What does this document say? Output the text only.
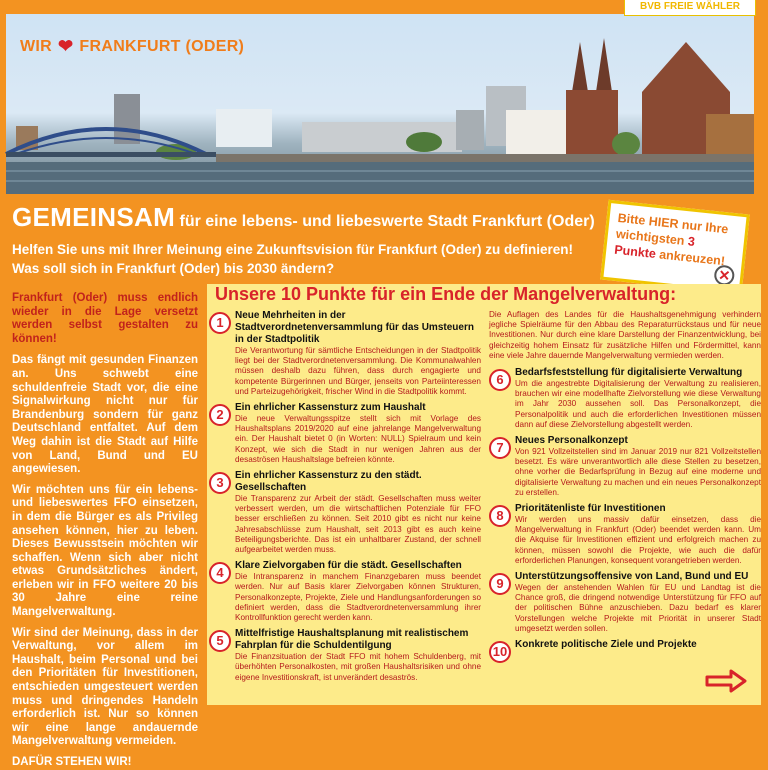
WIR ❤ FRANKFURT (ODER)
BVB FREIE WÄHLER
GEMEINSAM für eine lebens- und liebeswerte Stadt Frankfurt (Oder)
Helfen Sie uns mit Ihrer Meinung eine Zukunftsvision für Frankfurt (Oder) zu definieren!
Was soll sich in Frankfurt (Oder) bis 2030 ändern?
Bitte HIER nur Ihre wichtigsten 3 Punkte ankreuzen!
✕
Frankfurt (Oder) muss endlich wieder in die Lage versetzt werden selbst gestalten zu können!

Das fängt mit gesunden Finanzen an. Uns schwebt eine schuldenfreie Stadt vor, die eine Signalwirkung nicht nur für Brandenburg sondern für ganz Deutschland entfaltet. Auf dem Weg dahin ist die Stadt auf Hilfe von Land, Bund und EU angewiesen.

Wir möchten uns für ein lebens- und liebeswertes FFO einsetzen, in dem die Bürger es als Privileg ansehen können, hier zu leben. Dieses Bewusstsein möchten wir schaffen. Wenn sich aber nicht etwas Grundsätzliches ändert, erleben wir in FFO weitere 20 bis 30 Jahre eine reine Mangelverwaltung.

Wir sind der Meinung, dass in der Verwaltung, vor allem im Haushalt, beim Personal und bei den Prioritäten für Investitionen, entschieden umgesteuert werden muss und dringendes Handeln erforderlich ist. Nur so können wir eine lange andauernde Mangelverwaltung vermeiden.

DAFÜR STEHEN WIR!
Unsere 10 Punkte für ein Ende der Mangelverwaltung:
1	Neue Mehrheiten in der Stadtverordnetenversammlung für das Umsteuern in der Stadtpolitik
Die Verantwortung für sämtliche Entscheidungen in der Stadtpolitik liegt bei der Stadtverordnetenversammlung. Die Kommunalwahlen müssen deshalb dazu führen, dass durch engagierte und kompetente Bürgerinnen und Bürger, jenseits von Parteiinteressen und Parteizugehörigkeit, frischer Wind in die Stadtpolitik kommt.
2	Ein ehrlicher Kassensturz zum Haushalt
Die neue Verwaltungsspitze stellt sich mit Vorlage des Haushaltsplans 2019/2020 auf eine jahrelange Mangelverwaltung ein. Der Haushalt bietet 0 (in Worten: NULL) Spielraum und kein Konzept, wie sich die Stadt in nur wenigen Jahren aus der desaströsen Haushaltslage befreien könnte.
3	Ein ehrlicher Kassensturz zu den städt. Gesellschaften
Die Transparenz zur Arbeit der städt. Gesellschaften muss weiter verbessert werden, um die wirtschaftlichen Potenziale für FFO besser erschließen zu können. Seit 2010 gibt es nicht nur keine Jahresabschlüsse zum Haushalt, seit 2013 gibt es auch keine Beteiligungsberichte. Das ist ein unhaltbarer Zustand, der schnell aufgearbeitet werden muss.
4	Klare Zielvorgaben für die städt. Gesellschaften
Die Intransparenz in manchem Finanzgebaren muss beendet werden. Nur auf Basis klarer Zielvorgaben können Strukturen, Personalkonzepte, Projekte, Ziele und Handlungsanforderungen so definiert werden, dass die Stadtverordnetenversammlung ihrer Kontrollfunktion gerecht werden kann.
5	Mittelfristige Haushaltsplanung mit realistischem Fahrplan für die Schuldentilgung
Die Finanzsituation der Stadt FFO mit hohem Schuldenberg, mit überhöhten Personalkosten, mit großen Haushaltsrisiken und ohne eigene Investitionskraft, ist unverändert desaströs.
Die Auflagen des Landes für die Haushaltsgenehmigung verhindern jegliche Spielräume für den Abbau des Reparaturrückstaus und für neue Investitionen. Nur durch eine klare Darstellung der Finanzentwicklung, bei gleichzeitig hohem Einsatz für zusätzliche Hilfen und Fördermittel, kann eine viele Jahre dauernde Mangelverwaltung vermieden werden.
6	Bedarfsfeststellung für digitalisierte Verwaltung
Um die angestrebte Digitalisierung der Verwaltung zu realisieren, brauchen wir eine modellhafte Zielvorstellung wie diese Verwaltung im Jahr 2030 aussehen soll. Das Personalkonzept, die Personalpolitik und auch die erforderlichen Investitionen müssen dann auf diese Zielvorstellung abgestellt werden.
7	Neues Personalkonzept
Von 921 Vollzeitstellen sind im Januar 2019 nur 821 Vollzeitstellen besetzt. Es wäre unverantwortlich alle diese Stellen zu besetzen, ohne vorher die Bedarfsprüfung in Bezug auf eine moderne und digitalisierte Verwaltung zu machen und ein neues Personalkonzept zu erstellen.
8	Prioritätenliste für Investitionen
Wir werden uns massiv dafür einsetzen, dass die Mangelverwaltung in Frankfurt (Oder) beendet werden kann. Um die Akquise für Investitionen effizient und erfolgreich machen zu können, müssen sowohl die Projekte, wie auch die dafür erforderlichen Planungen, konsequent vorangetrieben werden.
9	Unterstützungsoffensive von Land, Bund und EU
Wegen der anstehenden Wahlen für EU und Landtag ist die Chance groß, die dringend notwendige Unterstützung für FFO auf der politischen Bühne anzuschieben. Dazu bedarf es klarer Vorstellungen welche Projekte mit Priorität in unserer Stadt umgesetzt werden sollen.
10 Konkrete politische Ziele und Projekte
